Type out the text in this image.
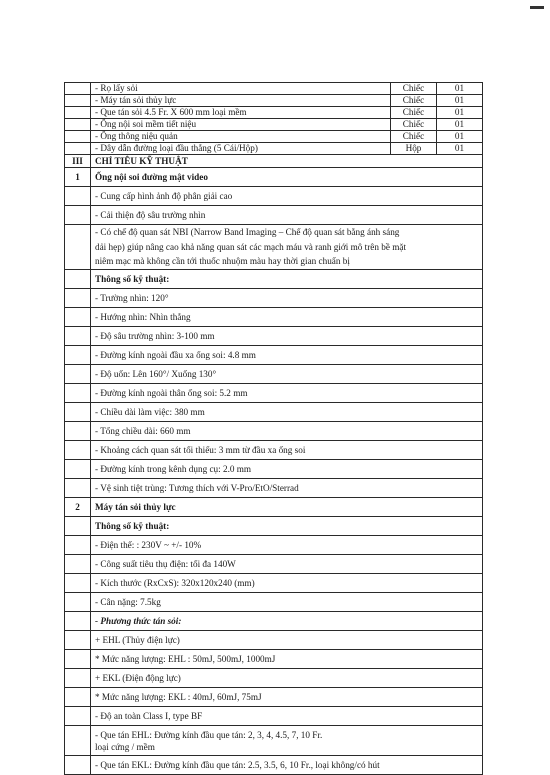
	- Rọ lấy sỏi	Chiếc	01
	- Máy tán sỏi thủy lực	Chiếc	01
	- Que tán sỏi 4.5 Fr. X 600 mm loại mềm	Chiếc	01
	- Ống nội soi mềm tiết niệu	Chiếc	01
	- Ống thông niệu quản	Chiếc	01
	- Dây dẫn đường loại đầu thẳng (5 Cái/Hộp)	Hộp	01
III	CHỈ TIÊU KỸ THUẬT		
1	Ống nội soi đường mật video		
	- Cung cấp hình ảnh độ phân giải cao		
	- Cải thiện độ sâu trường nhìn		

	- Có chế độ quan sát NBI (Narrow Band Imaging – Chế độ quan sát bằng ánh sáng
dải hẹp) giúp nâng cao khả năng quan sát các mạch máu và ranh giới mô trên bề mặt
niêm mạc mà không cần tới thuốc nhuộm màu hay thời gian chuẩn bị		

	Thông số kỹ thuật:		
	- Trường nhìn: 120°		
	- Hướng nhìn: Nhìn thẳng		
	- Độ sâu trường nhìn: 3-100 mm		
	- Đường kính ngoài đầu xa ống soi: 4.8 mm		
	- Độ uốn: Lên 160°/ Xuống 130°		
	- Đường kính ngoài thân ống soi: 5.2 mm		
	- Chiều dài làm việc: 380 mm		
	- Tổng chiều dài: 660 mm		
	- Khoảng cách quan sát tối thiểu: 3 mm từ đầu xa ống soi		
	- Đường kính trong kênh dụng cụ: 2.0 mm		
	- Vệ sinh tiệt trùng: Tương thích với V-Pro/EtO/Sterrad		
2	Máy tán sỏi thủy lực		
	Thông số kỹ thuật:		
	- Điện thế: : 230V ~ +/- 10%		
	- Công suất tiêu thụ điện: tối đa 140W		
	- Kích thước (RxCxS): 320x120x240 (mm)		
	- Cân nặng: 7.5kg		
	- Phương thức tán sỏi:		
	+ EHL (Thủy điện lực)		
	* Mức năng lượng: EHL : 50mJ, 500mJ, 1000mJ		
	+ EKL (Điện động lực)		
	* Mức năng lượng: EKL : 40mJ, 60mJ, 75mJ		
	- Độ an toàn Class I, type BF		

	- Que tán EHL: Đường kính đầu que tán: 2, 3, 4, 4.5, 7, 10 Fr.
loại cứng / mềm		

	- Que tán EKL: Đường kính đầu que tán: 2.5, 3.5, 6, 10 Fr., loại không/có hút		
